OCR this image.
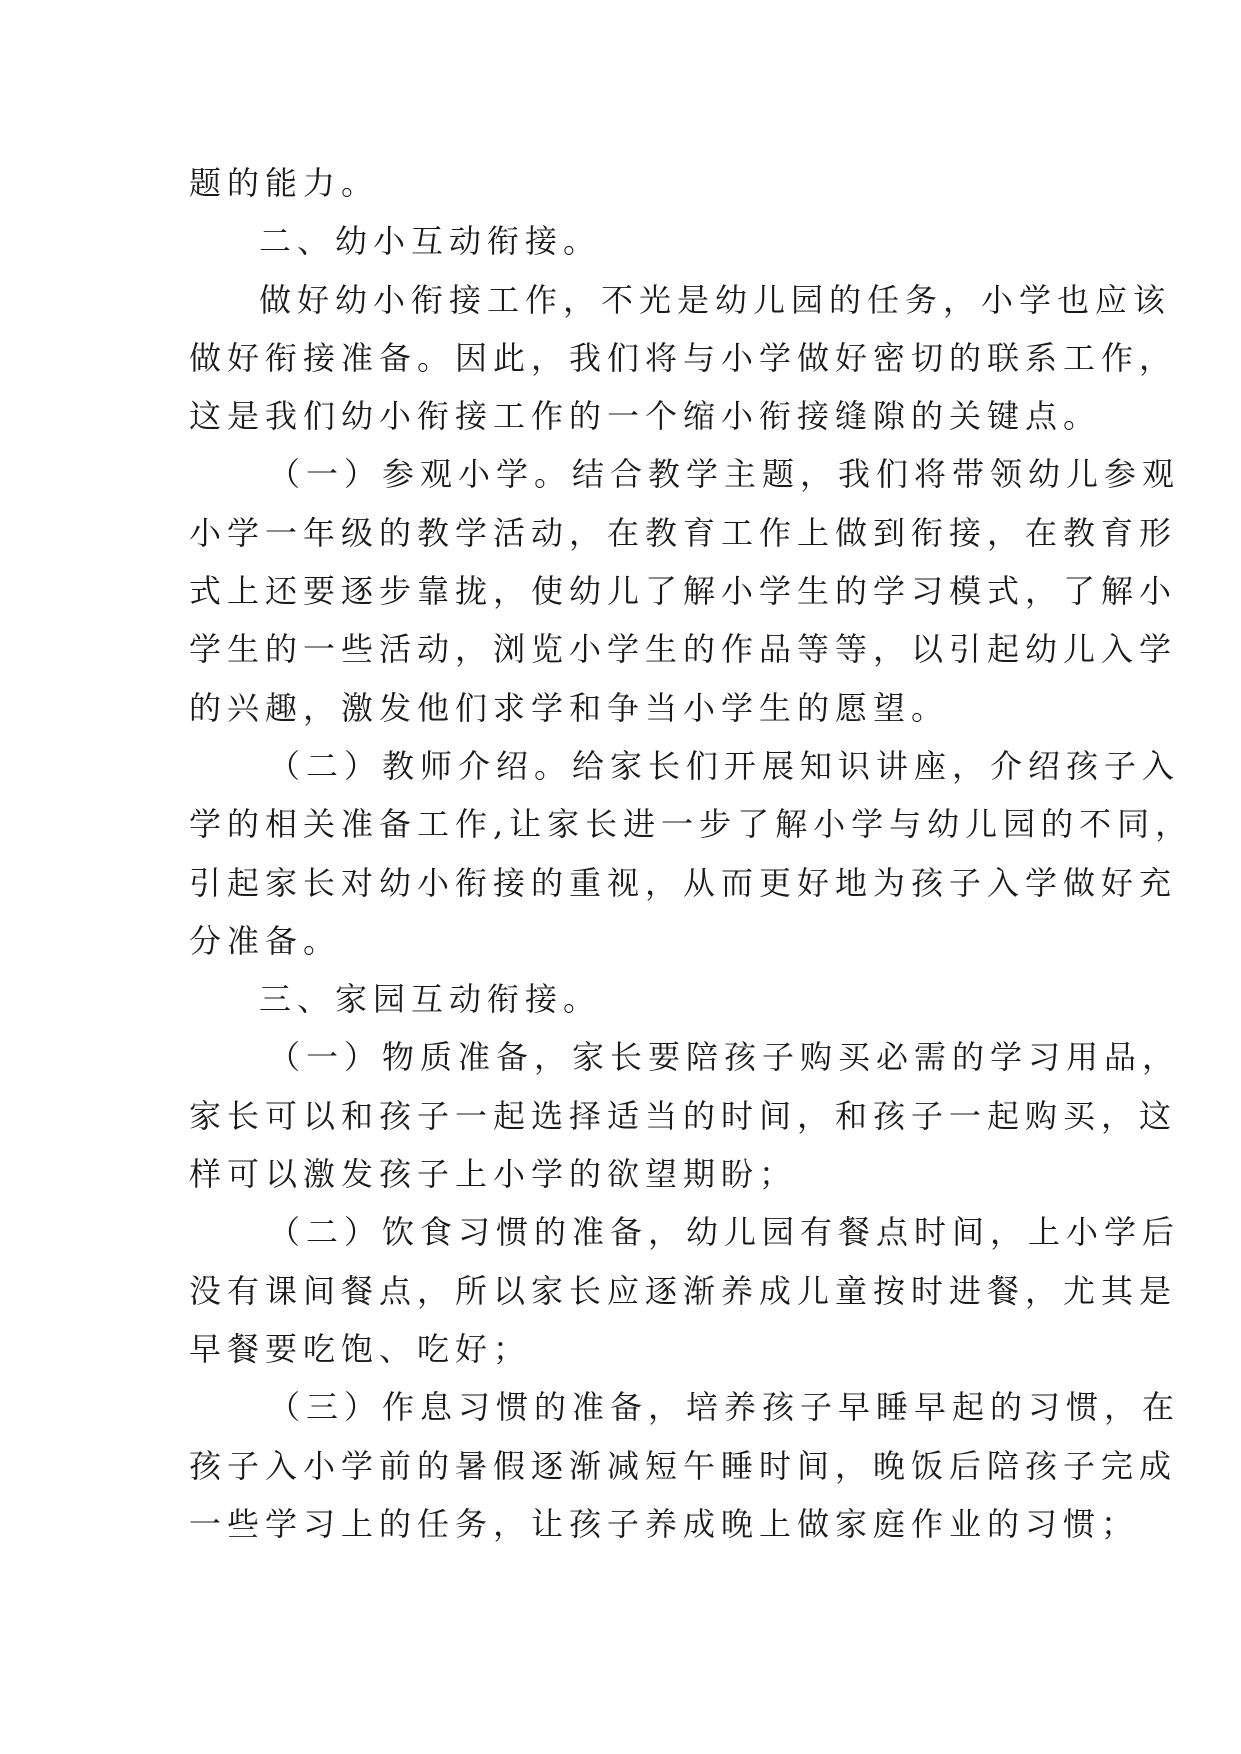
题的能力。
二、幼小互动衔接。
做好幼小衔接工作，不光是幼儿园的任务，小学也应该
做好衔接准备。因此，我们将与小学做好密切的联系工作，
这是我们幼小衔接工作的一个缩小衔接缝隙的关键点。
（一）参观小学。结合教学主题，我们将带领幼儿参观
小学一年级的教学活动，在教育工作上做到衔接，在教育形
式上还要逐步靠拢，使幼儿了解小学生的学习模式，了解小
学生的一些活动，浏览小学生的作品等等，以引起幼儿入学
的兴趣，激发他们求学和争当小学生的愿望。
（二）教师介绍。给家长们开展知识讲座，介绍孩子入
学的相关准备工作,让家长进一步了解小学与幼儿园的不同，
引起家长对幼小衔接的重视，从而更好地为孩子入学做好充
分准备。
三、家园互动衔接。
（一）物质准备，家长要陪孩子购买必需的学习用品，
家长可以和孩子一起选择适当的时间，和孩子一起购买，这
样可以激发孩子上小学的欲望期盼；
（二）饮食习惯的准备，幼儿园有餐点时间，上小学后
没有课间餐点，所以家长应逐渐养成儿童按时进餐，尤其是
早餐要吃饱、吃好；
（三）作息习惯的准备，培养孩子早睡早起的习惯，在
孩子入小学前的暑假逐渐减短午睡时间，晚饭后陪孩子完成
一些学习上的任务，让孩子养成晚上做家庭作业的习惯；
